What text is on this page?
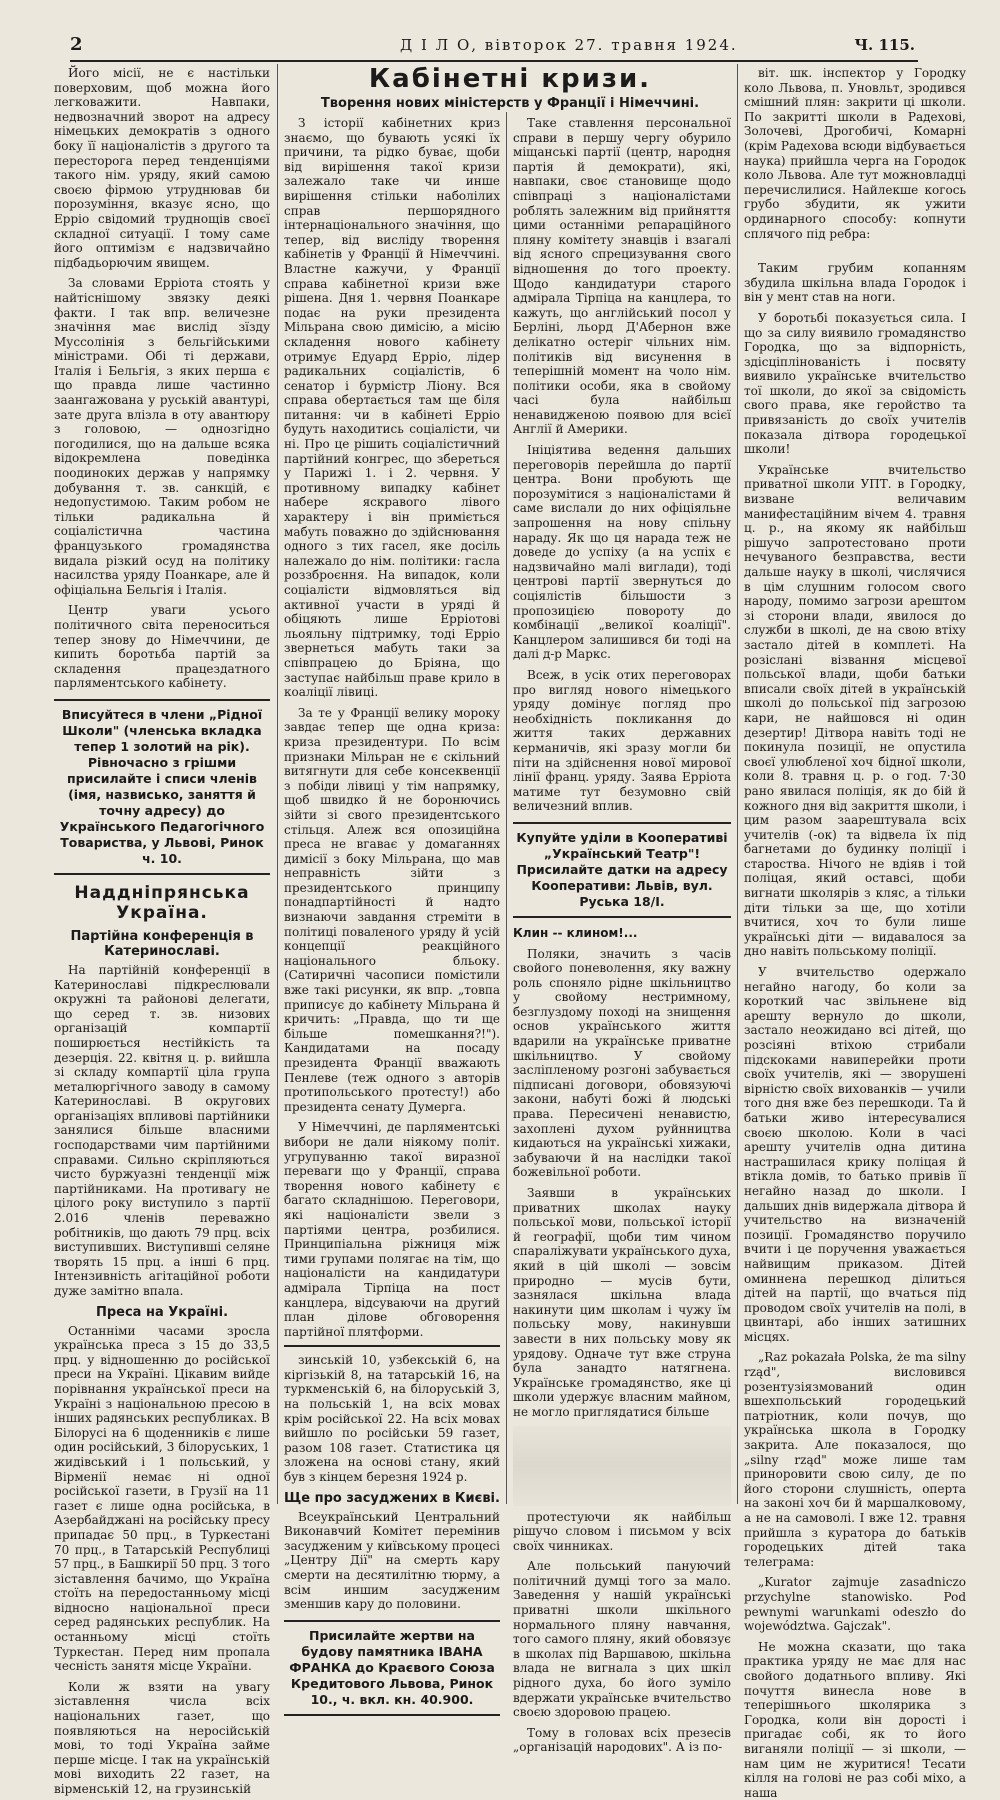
2	Д І Л О, вівторок 27. травня 1924.	Ч. 115.

Його місії, не є настільки поверховим, щоб можна його легковажити. Навпаки, недвозначний зворот на адресу німецьких демократів з одного боку її націоналістів з другого та пересторога перед тенденціями такого нім. уряду, який самою своєю фірмою утруднював би порозуміння, вказує ясно, що Ерріо свідомий труднощів своєї складної ситуації. І тому саме його оптимізм є надзвичайно підбадьорючим явищем.

За словами Ерріота стоять у найтіснішому звязку деякі факти. І так впр. величезне значіння має вислід зїзду Муссолінія з бельгійськими міністрами. Обі ті держави, Італія і Бельгія, з яких перша є що правда лише частинно заангажована у руській авантурі, зате друга влізла в оту авантюру з головою, — однозгідно погодилися, що на дальше всяка відокремлена поведінка поодиноких держав у напрямку добування т. зв. санкцій, є недопустимою. Таким робом не тільки радикальна й соціалістична частина французького громадянства видала різкий осуд на політику насилства уряду Поанкаре, але й офіціальна Бельгія і Італія.

Центр уваги усього політичного світа переноситься тепер знову до Німеччини, де кипить боротьба партій за складення працездатного парляментського кабінету.

Вписуйтеся в члени „Рідної Школи" (членська вкладка тепер 1 золотий на рік). Рівночасно з грішми присилайте і списи членів (імя, назвисько, заняття й точну адресу) до Українського Педагогічного Товариства, у Львові, Ринок ч. 10.
Наддніпрянська Україна.
Партійна конференція в Катеринославі.

На партійній конференції в Катеринославі підкреслювали окружні та районові делегати, що серед т. зв. низових організацій компартії поширюється нестійкість та дезерція. 22. квітня ц. р. вийшла зі складу компартії ціла група металюргічного заводу в самому Катеринославі. В округових організаціях впливові партійники занялися більше власними господарствами чим партійними справами. Сильно скріпляються чисто буржуазні тенденції між партійниками. На противагу не цілого року виступило з партії 2.016 членів переважно робітників, що дають 79 прц. всіх виступивших. Виступивші селяне творять 15 прц. а інші 6 прц. Інтензивність агітаційної роботи дуже замітно впала.

Преса на Україні.

Останніми часами зросла українська преса з 15 до 33,5 прц. у відношенню до російської преси на Україні. Цікавим вийде порівнання української преси на Україні з національною пресою в інших радянських республиках. В Білорусі на 6 щоденників є лише один російський, 3 білоруських, 1 жидівський і 1 польський, у Вірменії немає ні одної російської газети, в Грузії на 11 газет є лише одна російська, в Азербайджані на російську пресу припадає 50 прц., в Туркестані 70 прц., в Татарській Республиці 57 прц., в Башкирії 50 прц. З того зіставлення бачимо, що Україна стоїть на передостанньому місці відносно національної преси серед радянських республик. На останньому місці стоїть Туркестан. Перед ним пропала чесність занятя місце України.

Коли ж взяти на увагу зіставлення числа всіх національних газет, що появляються на неросійській мові, то тоді Україна займе перше місце. І так на українській мові виходить 22 газет, на вірменській 12, на грузинській

Кабінетні кризи.
Творення нових міністерств у Франції і Німеччині.

З історії кабінетних криз знаємо, що бувають усякі їх причини, та рідко буває, щоби від вирішення такої кризи залежало таке чи инше вирішення стільки наболілих справ першорядного інтернаціонального значіння, що тепер, від висліду творення кабінетів у Франції й Німеччині. Властне кажучи, у Франції справа кабінетної кризи вже рішена. Дня 1. червня Поанкаре подає на руки президента Мільрана свою димісію, а місію складення нового кабінету отримує Едуард Ерріо, лідер радикальних соціалістів, 6 сенатор і бурмістр Ліону. Вся справа обертається там ще біля питання: чи в кабінеті Ерріо будуть находитись соціалісти, чи ні. Про це рішить соціалістичний партійний конгрес, що збереться у Парижі 1. і 2. червня. У противному випадку кабінет набере яскравого лівого характеру і він приміється мабуть поважно до здійснювання одного з тих гасел, яке досіль належало до нім. політики: гасла роззброєння. На випадок, коли соціалісти відмовляться від активної участи в уряді й обіцяють лише Ерріотові льояльну підтримку, тоді Ерріо звернеться мабуть таки за співпрацею до Бріяна, що заступає найбільш праве крило в коаліції лівиці.

За те у Франції велику мороку завдає тепер ще одна криза: криза президентури. По всім признаки Мільран не є скільний витягнути для себе консеквенції з побіди лівиці у тім напрямку, щоб швидко й не боронючись зійти зі свого президентського стільця. Алеж вся опозиційна преса не вгаває у домаганнях димісії з боку Мільрана, що мав неправність зійти з президентського принципу понадпартійності й надто визнаючи завдання стреміти в політиці поваленого уряду й усій концепції реакційного національного бльоку. (Сатиричні часописи помістили вже такі рисунки, як впр. „товпа приписує до кабінету Мільрана й кричить: „Правда, що ти ще більше помешкання?!"). Кандидатами на посаду президента Франції вважають Пенлеве (теж одного з авторів протипольського протесту!) або президента сенату Думерга.

У Німеччині, де парляментські вибори не дали ніякому політ. угрупуванню такої виразної переваги що у Франції, справа творення нового кабінету є багато складнішою. Переговори, які націоналісти звели з партіями центра, розбилися. Принципіальна ріжниця між тими групами полягає на тім, що націоналісти на кандидатури адмірала Тірпіца на пост канцлера, відсуваючи на другий план ділове обговорення партійної плятформи.

зинській 10, узбекській 6, на кіргізькій 8, на татарській 16, на туркменській 6, на білоруській 3, на польській 1, на всіх мовах крім російської 22. На всіх мовах вийшло по російськи 59 газет, разом 108 газет. Статистика ця зложена на основі стану, який був з кінцем березня 1924 р.

Ще про засуджених в Києві.

Всеукраїнський Центральний Виконавчий Комітет перемінив засудженим у київському процесі „Центру Дії" на смерть кару смерти на десятилітню тюрму, а всім иншим засудженим зменшив кару до половини.

Присилайте жертви на будову памятника ІВАНА ФРАНКА до Краєвого Союза Кредитового Львова, Ринок 10., ч. вкл. кн. 40.900.

Таке ставлення персональної справи в першу чергу обурило міщанські партії (центр, народня партія й демократи), які, навпаки, своє становище щодо співпраці з націоналістами роблять залежним від прийняття цими останніми репараційного пляну комітету знавців і взагалі від ясного спрецизування свого відношення до того проекту. Щодо кандидатури старого адмірала Тірпіца на канцлера, то кажуть, що англійський посол у Берліні, льорд Д'Абернон вже делікатно остеріг чільних нім. політиків від висунення в теперішній момент на чоло нім. політики особи, яка в свойому часі була найбільш ненавидженою появою для всієї Англії й Америки.

Ініціятива ведення дальших переговорів перейшла до партії центра. Вони пробують ще порозумітися з націоналістами й саме вислали до них офіціяльне запрошення на нову спільну нараду. Як що ця нарада теж не доведе до успіху (а на успіх є надзвичайно малі виглади), тоді центрові партії звернуться до соціялістів більшости з пропозицією повороту до комбінації „великої коаліції". Канцлером залишився би тоді на далі д-р Маркс.

Всеж, в усік отих переговорах про вигляд нового німецького уряду домінує погляд про необхідність покликання до життя таких державних керманичів, які зразу могли би піти на здійснення нової мирової лінії франц. уряду. Заява Ерріота матиме тут безумовно свій величезний вплив.

Купуйте уділи в Кооперативі „Український Театр"! Присилайте датки на адресу Кооперативи: Львів, вул. Руська 18/I.

Клин -- клином!...

Поляки, значить з часів свойого поневолення, яку важну роль споняло рідне шкільництво у свойому нестримному, безглуздому поході на знищення основ українського життя вдарили на українське приватне шкільництво. У свойому засліпленому розгоні забувається підписані договори, обовязуючі закони, набуті божі й людські права. Пересичені ненавистю, захоплені духом руйнництва кидаються на українські хижаки, забуваючи й на наслідки такої божевільної роботи.

Заявши в українських приватних школах науку польської мови, польської історії й географії, щоби тим чином спараліжувати українського духа, який в цій школі — зовсім природно — мусів бути, зазнялася шкільна влада накинути цим школам і чужу їм польську мову, накинувши завести в них польську мову як урядову. Одначе тут вже струна була занадто натягнена. Українське громадянство, яке ці школи удержує власним майном, не могло приглядатися більше

протестуючи як найбільш рішучо словом і письмом у всіх своїх чинниках.

Але польський пануючий політичний думці того за мало. Заведення у нашій українські приватні школи шкільного нормального пляну навчання, того самого пляну, який обовязує в школах під Варшавою, шкільна влада не вигнала з цих шкіл рідного духа, бо його зуміло вдержати українське вчительство своєю здоровою працею.

Тому в головах всіх презесів „організацій народових". А із по-

віт. шк. інспектор у Городку коло Львова, п. Уновльт, зродився смішний плян: закрити ці школи. По закритті школи в Радехові, Золочеві, Дрогобичі, Комарні (крім Радехова всюди відбувається наука) прийшла черга на Городок коло Львова. Але тут можновладці перечислилися. Найлекше когось грубо збудити, як ужити ординарного способу: копнути сплячого під ребра:

Таким грубим копанням збудила шкільна влада Городок і він у мент став на ноги.

У боротьбі показується сила. І що за силу виявило громадянство Городка, що за відпорність, здісціплінованість і посвяту виявило українське вчительство тої школи, до якої за свідомість свого права, яке геройство та привязаність до своїх учителів показала дітвора городецької школи!

Українське вчительство приватної школи УПТ. в Городку, визване величавим манифестаційним вічем 4. травня ц. р., на якому як найбільш рішучо запротестовано проти нечуваного безправства, вести дальше науку в школі, числячися в цім слушним голосом свого народу, помимо загрози арештом зі сторони влади, явилося до служби в школі, де на свою втіху застало дітей в комплеті. На розіслані візвання місцевої польської влади, щоби батьки вписали своїх дітей в українській школі до польської під загрозою кари, не найшовся ні один дезертир! Дітвора навіть тоді не покинула позиції, не опустила своєї улюбленої хоч бідної школи, коли 8. травня ц. р. о год. 7·30 рано явилася поліція, як до бій й кожного дня від закриття школи, і цим разом заарештувала всіх учителів (-ок) та відвела їх під багнетами до будинку поліції і староства. Нічого не вдіяв і той поліцая, який оставсі, щоби вигнати школярів з кляс, а тільки діти тільки за ще, що хотіли вчитися, хоч то були лише українські діти — видавалося за дно навіть польському поліції.

У вчительство одержало негайно нагоду, бо коли за короткий час звільнене від арешту вернуло до школи, застало неожидано всі дітей, що розсіяні втіхою стрибали підскоками навиперейки проти своїх учителів, які — зворушені вірністю своїх вихованків — учили того дня вже без перешкоди. Та й батьки живо інтересувалися своєю школою. Коли в часі арешту учителів одна дитина настрашилася крику поліцая й втікла домів, то батько привів її негайно назад до школи. І дальших днів видержала дітвора й учительство на визначеній позиції. Громадянство поручило вчити і це поручення уважається найвищим приказом. Дітей оминнена перешкод ділиться дітей на партії, що вчаться під проводом своїх учителів на полі, в цвинтарі, або інших затишних місцях.

„Raz pokazała Polska, że ma silny rząd", висловився розентузіязмований один вшехпольський городецький патріотник, коли почув, що українська школа в Городку закрита. Але показалося, що „silny rząd" може лише там приноровити свою силу, де по його сторони слушність, оперта на законі хоч би й маршалковому, а не на самоволі. І вже 12. травня прийшла з куратора до батьків городецьких дітей така телеграма:

„Kurator zajmuje zasadniczo przychylne stanowisko. Pod pewnymi warunkami odeszło do województwa. Gajczak".

Не можна сказати, що така практика уряду не має для нас свойого додатнього впливу. Які почуття винесла нове в теперішнього школярика з Городка, коли він дорості і пригадає собі, як то його виганяли поліції — зі школи, — нам цим не журитися! Тесати кілля на голові не раз собі міхо, а наша
